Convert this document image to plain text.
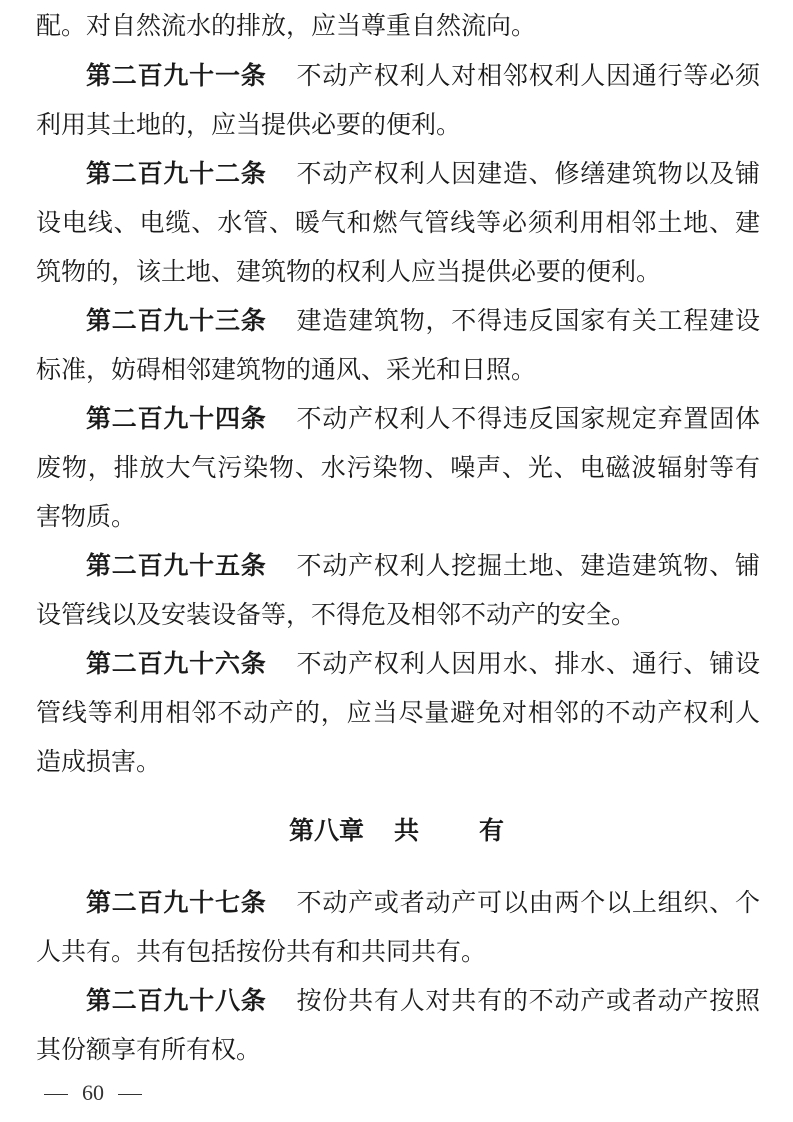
配。对自然流水的排放，应当尊重自然流向。
第二百九十一条 不动产权利人对相邻权利人因通行等必须
利用其土地的，应当提供必要的便利。
第二百九十二条 不动产权利人因建造、修缮建筑物以及铺
设电线、电缆、水管、暖气和燃气管线等必须利用相邻土地、建
筑物的，该土地、建筑物的权利人应当提供必要的便利。
第二百九十三条 建造建筑物，不得违反国家有关工程建设
标准，妨碍相邻建筑物的通风、采光和日照。
第二百九十四条 不动产权利人不得违反国家规定弃置固体
废物，排放大气污染物、水污染物、噪声、光、电磁波辐射等有
害物质。
第二百九十五条 不动产权利人挖掘土地、建造建筑物、铺
设管线以及安装设备等，不得危及相邻不动产的安全。
第二百九十六条 不动产权利人因用水、排水、通行、铺设
管线等利用相邻不动产的，应当尽量避免对相邻的不动产权利人
造成损害。
第八章 共 有
第二百九十七条 不动产或者动产可以由两个以上组织、个
人共有。共有包括按份共有和共同共有。
第二百九十八条 按份共有人对共有的不动产或者动产按照
其份额享有所有权。
60
